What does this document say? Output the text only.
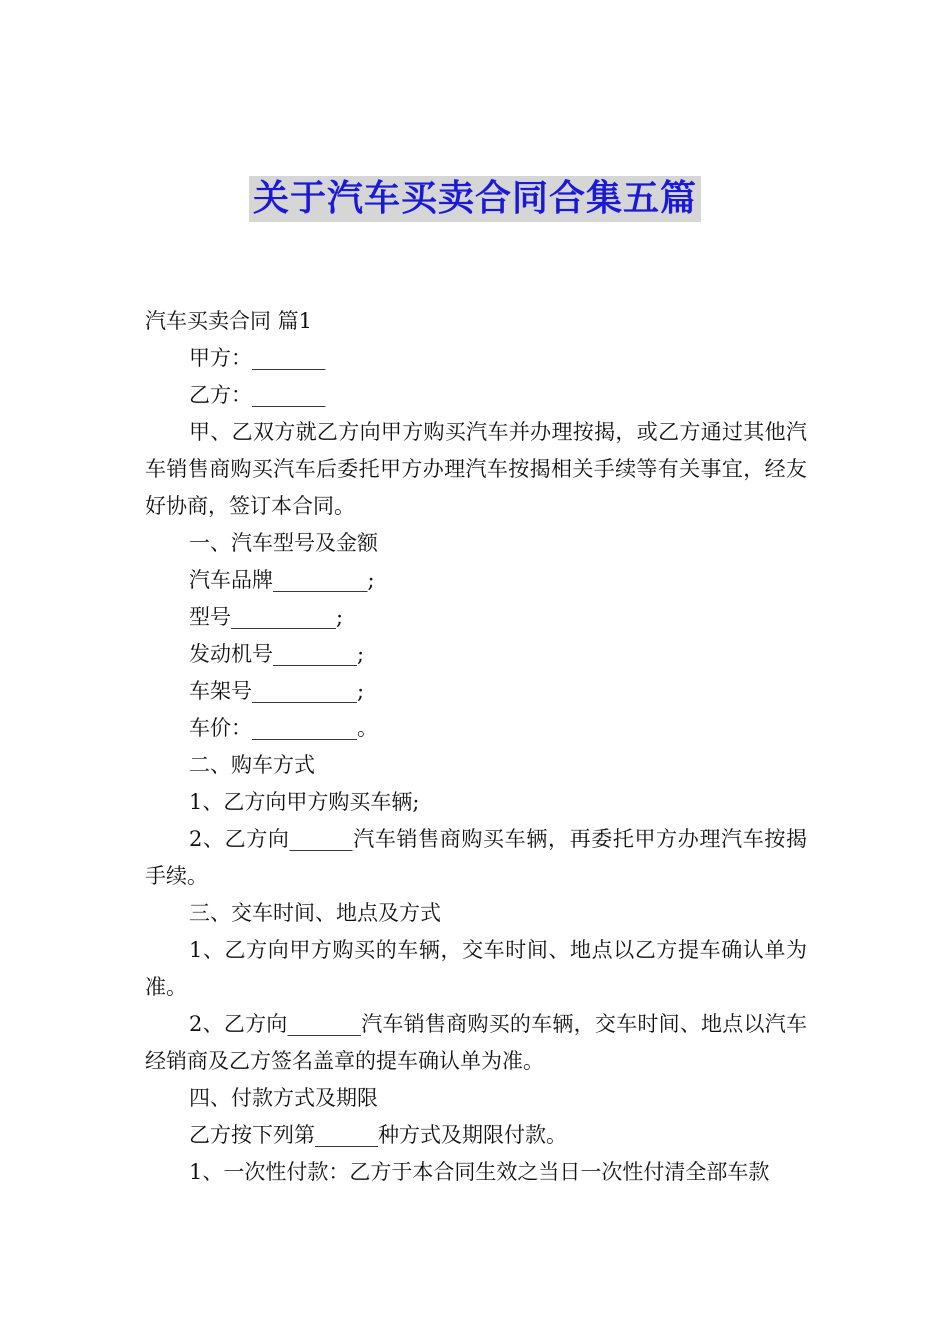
关于汽车买卖合同合集五篇

汽车买卖合同 篇1

甲方：_______

乙方：_______

甲、乙双方就乙方向甲方购买汽车并办理按揭，或乙方通过其他汽车销售商购买汽车后委托甲方办理汽车按揭相关手续等有关事宜，经友好协商，签订本合同。

一、汽车型号及金额

汽车品牌_________;

型号__________;

发动机号________;

车架号__________;

车价：__________。

二、购车方式

1、乙方向甲方购买车辆;

2、乙方向______汽车销售商购买车辆，再委托甲方办理汽车按揭手续。

三、交车时间、地点及方式

1、乙方向甲方购买的车辆，交车时间、地点以乙方提车确认单为准。

2、乙方向_______汽车销售商购买的车辆，交车时间、地点以汽车经销商及乙方签名盖章的提车确认单为准。

四、付款方式及期限

乙方按下列第______种方式及期限付款。

1、一次性付款：乙方于本合同生效之当日一次性付清全部车款
